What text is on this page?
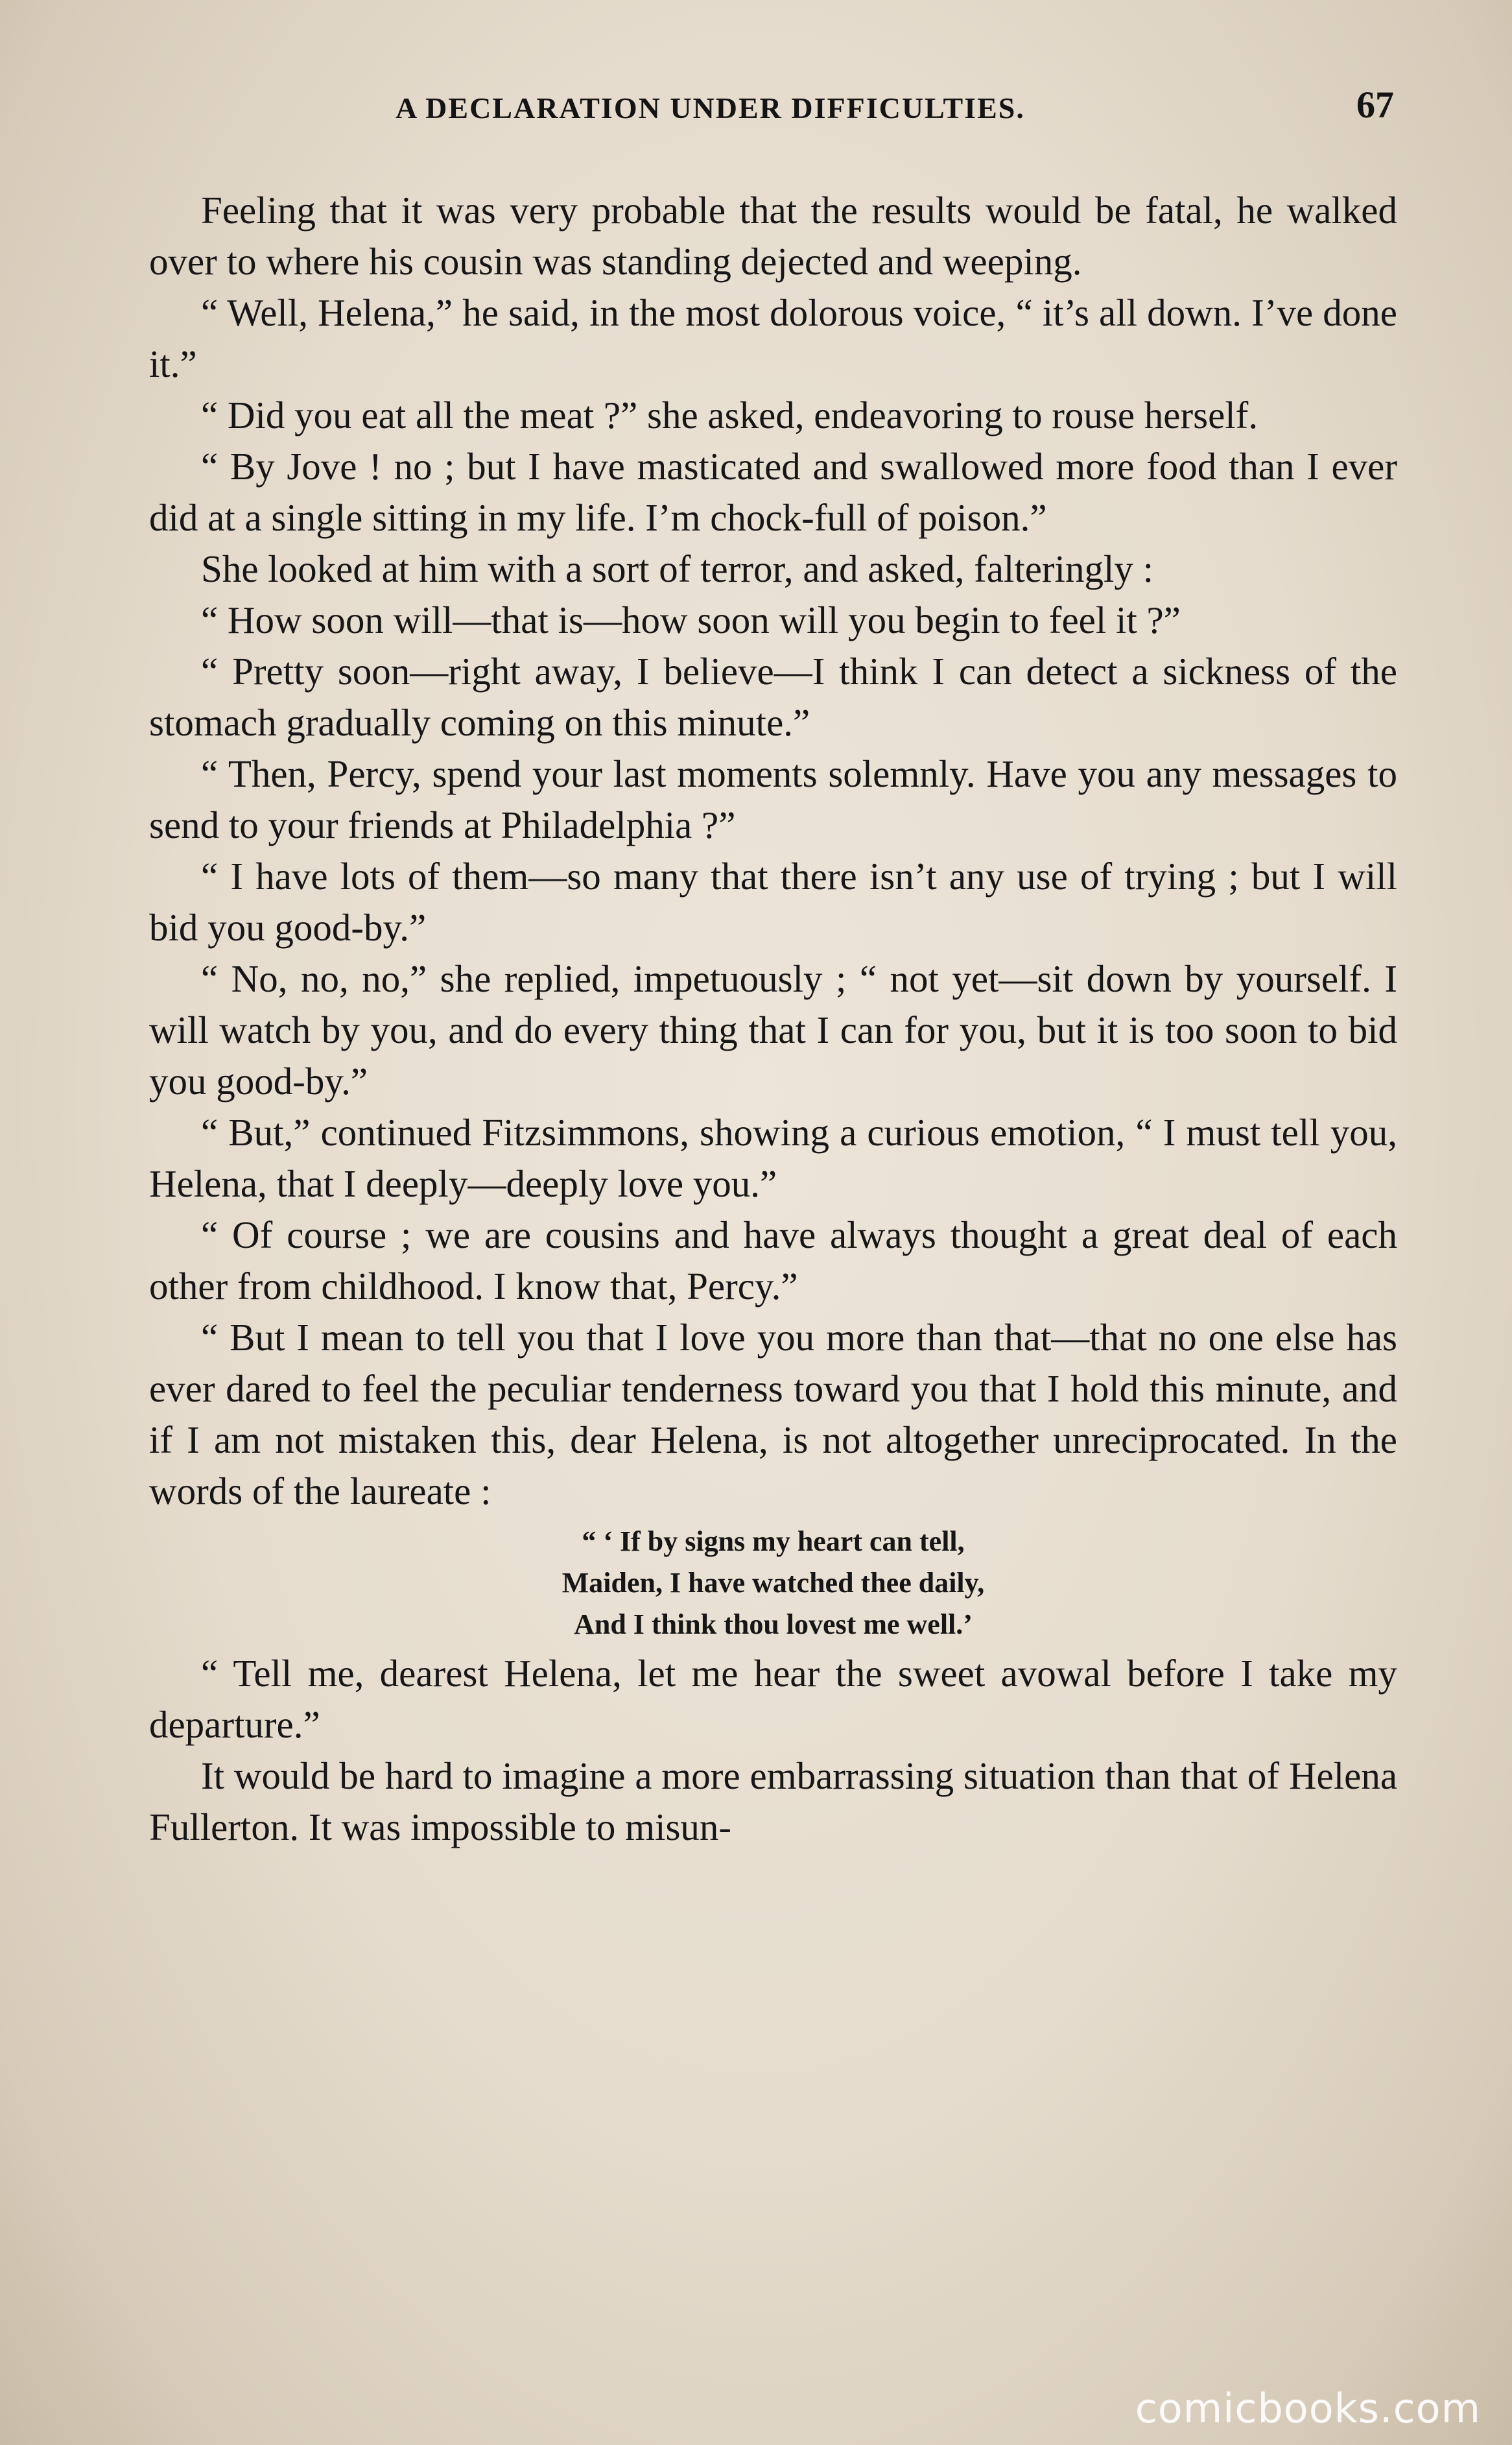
A DECLARATION UNDER DIFFICULTIES.	67

Feeling that it was very probable that the results would be fatal, he walked over to where his cousin was standing dejected and weeping.

“ Well, Helena,” he said, in the most dolorous voice, “ it’s all down. I’ve done it.”

“ Did you eat all the meat ?” she asked, endeavoring to rouse herself.

“ By Jove ! no ; but I have masticated and swallowed more food than I ever did at a single sitting in my life. I’m chock-full of poison.”

She looked at him with a sort of terror, and asked, falteringly :

“ How soon will—that is—how soon will you begin to feel it ?”

“ Pretty soon—right away, I believe—I think I can detect a sickness of the stomach gradually coming on this minute.”

“ Then, Percy, spend your last moments solemnly. Have you any messages to send to your friends at Philadelphia ?”

“ I have lots of them—so many that there isn’t any use of trying ; but I will bid you good-by.”

“ No, no, no,” she replied, impetuously ; “ not yet—sit down by yourself. I will watch by you, and do every thing that I can for you, but it is too soon to bid you good-by.”

“ But,” continued Fitzsimmons, showing a curious emotion, “ I must tell you, Helena, that I deeply—deeply love you.”

“ Of course ; we are cousins and have always thought a great deal of each other from childhood. I know that, Percy.”

“ But I mean to tell you that I love you more than that—that no one else has ever dared to feel the peculiar tenderness toward you that I hold this minute, and if I am not mistaken this, dear Helena, is not altogether unreciprocated. In the words of the laureate :

“ ‘ If by signs my heart can tell,
Maiden, I have watched thee daily,
And I think thou lovest me well.’

“ Tell me, dearest Helena, let me hear the sweet avowal before I take my departure.”

It would be hard to imagine a more embarrassing situation than that of Helena Fullerton. It was impossible to misun-

comicbooks.com
